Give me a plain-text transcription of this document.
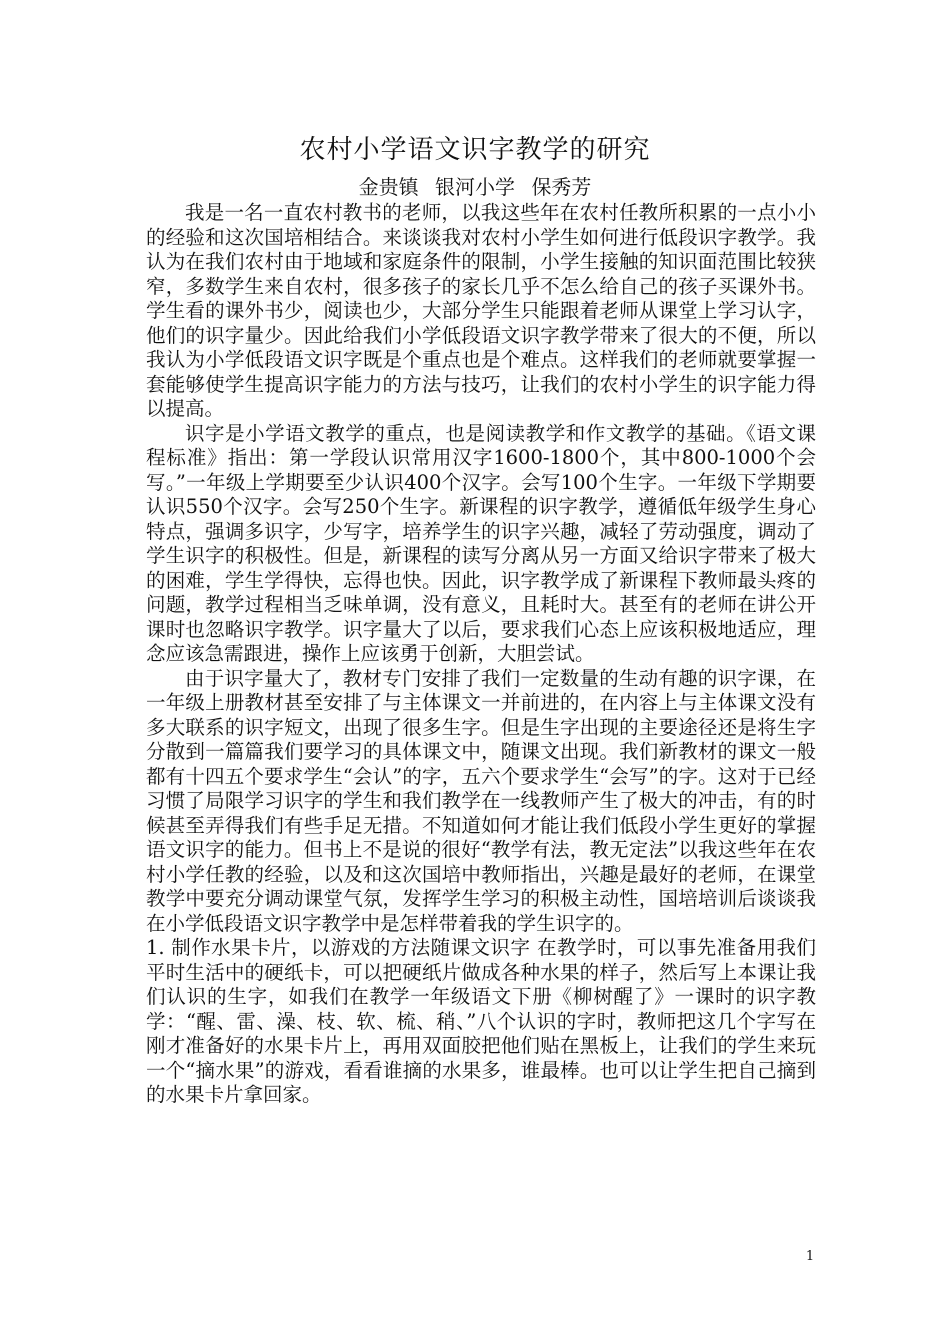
农村小学语文识字教学的研究
金贵镇 银河小学 保秀芳

我是一名一直农村教书的老师，以我这些年在农村任教所积累的一点小小的经验和这次国培相结合。来谈谈我对农村小学生如何进行低段识字教学。我认为在我们农村由于地域和家庭条件的限制，小学生接触的知识面范围比较狭窄，多数学生来自农村，很多孩子的家长几乎不怎么给自己的孩子买课外书。学生看的课外书少，阅读也少，大部分学生只能跟着老师从课堂上学习认字，他们的识字量少。因此给我们小学低段语文识字教学带来了很大的不便，所以我认为小学低段语文识字既是个重点也是个难点。这样我们的老师就要掌握一套能够使学生提高识字能力的方法与技巧，让我们的农村小学生的识字能力得以提高。

识字是小学语文教学的重点，也是阅读教学和作文教学的基础。《语文课程标准》指出：第一学段认识常用汉字1600-1800个，其中800-1000个会写。”一年级上学期要至少认识400个汉字。会写100个生字。一年级下学期要认识550个汉字。会写250个生字。新课程的识字教学，遵循低年级学生身心特点，强调多识字，少写字，培养学生的识字兴趣，减轻了劳动强度，调动了学生识字的积极性。但是，新课程的读写分离从另一方面又给识字带来了极大的困难，学生学得快，忘得也快。因此，识字教学成了新课程下教师最头疼的问题，教学过程相当乏味单调，没有意义，且耗时大。甚至有的老师在讲公开课时也忽略识字教学。识字量大了以后，要求我们心态上应该积极地适应，理念应该急需跟进，操作上应该勇于创新，大胆尝试。

由于识字量大了，教材专门安排了我们一定数量的生动有趣的识字课，在一年级上册教材甚至安排了与主体课文一并前进的，在内容上与主体课文没有多大联系的识字短文，出现了很多生字。但是生字出现的主要途径还是将生字分散到一篇篇我们要学习的具体课文中，随课文出现。我们新教材的课文一般都有十四五个要求学生“会认”的字，五六个要求学生“会写”的字。这对于已经习惯了局限学习识字的学生和我们教学在一线教师产生了极大的冲击，有的时候甚至弄得我们有些手足无措。不知道如何才能让我们低段小学生更好的掌握语文识字的能力。但书上不是说的很好“教学有法，教无定法”以我这些年在农村小学任教的经验，以及和这次国培中教师指出，兴趣是最好的老师，在课堂教学中要充分调动课堂气氛，发挥学生学习的积极主动性，国培培训后谈谈我在小学低段语文识字教学中是怎样带着我的学生识字的。

1. 制作水果卡片，以游戏的方法随课文识字 在教学时，可以事先准备用我们平时生活中的硬纸卡，可以把硬纸片做成各种水果的样子，然后写上本课让我们认识的生字，如我们在教学一年级语文下册《柳树醒了》一课时的识字教学：“醒、雷、澡、枝、软、梳、稍、”八个认识的字时，教师把这几个字写在刚才准备好的水果卡片上，再用双面胶把他们贴在黑板上，让我们的学生来玩一个“摘水果”的游戏，看看谁摘的水果多，谁最棒。也可以让学生把自己摘到的水果卡片拿回家。

1
